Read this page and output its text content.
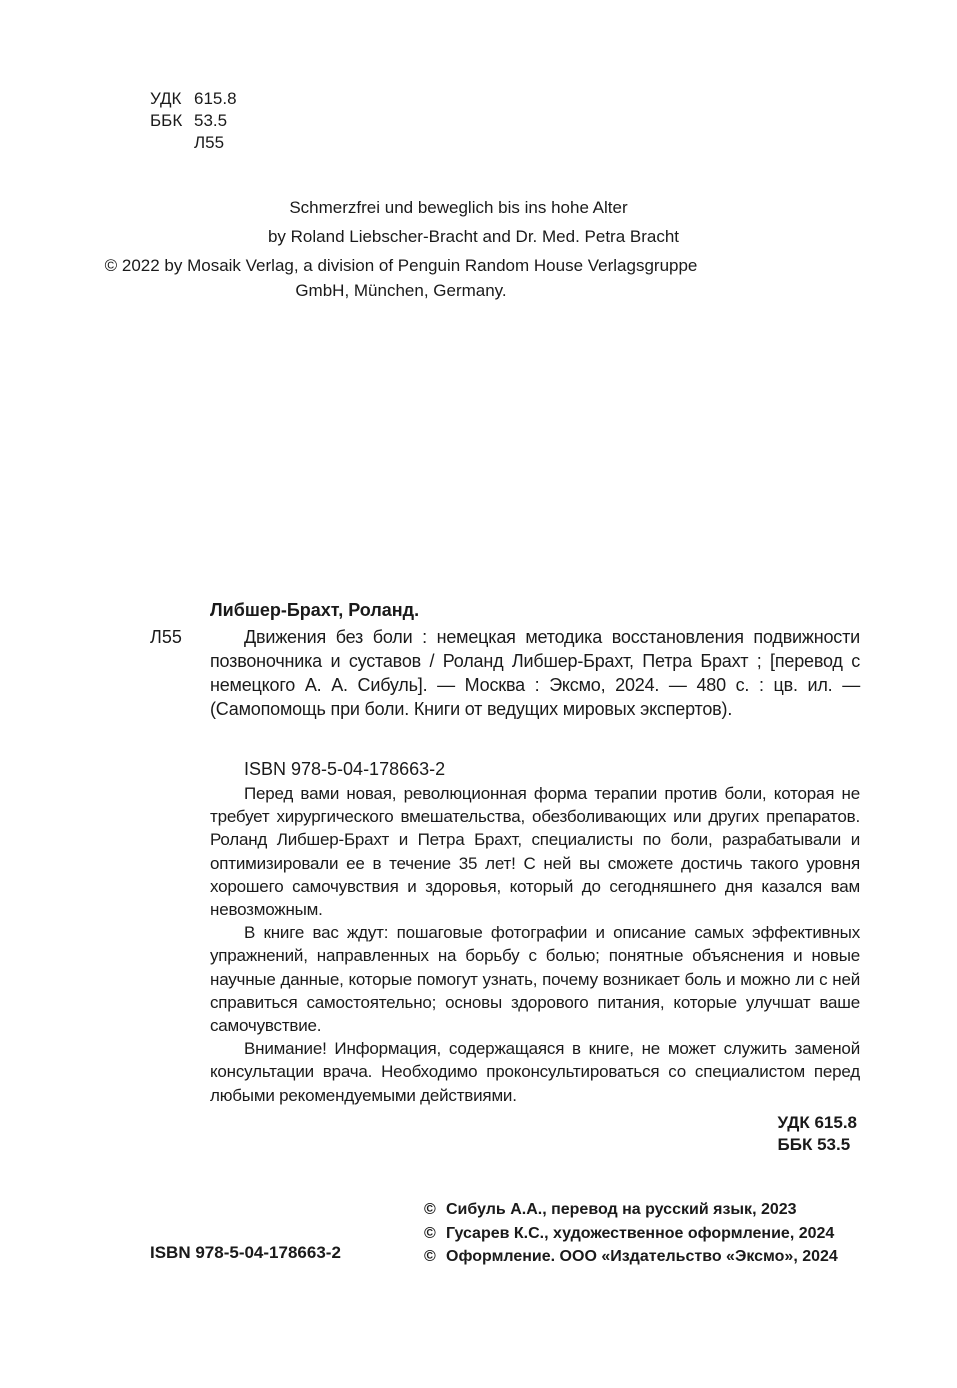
УДК 615.8
ББК 53.5
Л55
Schmerzfrei und beweglich bis ins hohe Alter
by Roland Liebscher-Bracht and Dr. Med. Petra Bracht
© 2022 by Mosaik Verlag, a division of Penguin Random House Verlagsgruppe
GmbH, München, Germany.
Либшер-Брахт, Роланд.
Л55	Движения без боли : немецкая методика восстановления подвижности позвоночника и суставов / Роланд Либшер-Брахт, Петра Брахт ; [перевод с немецкого А. А. Сибуль]. — Москва : Эксмо, 2024. — 480 с. : цв. ил. — (Самопомощь при боли. Книги от ведущих мировых экспертов).
ISBN 978-5-04-178663-2

Перед вами новая, революционная форма терапии против боли, которая не требует хирургического вмешательства, обезболивающих или других препаратов. Роланд Либшер-Брахт и Петра Брахт, специалисты по боли, разрабатывали и оптимизировали ее в течение 35 лет! С ней вы сможете достичь такого уровня хорошего самочувствия и здоровья, который до сегодняшнего дня казался вам невозможным.

В книге вас ждут: пошаговые фотографии и описание самых эффективных упражнений, направленных на борьбу с болью; понятные объяснения и новые научные данные, которые помогут узнать, почему возникает боль и можно ли с ней справиться самостоятельно; основы здорового питания, которые улучшат ваше самочувствие.

Внимание! Информация, содержащаяся в книге, не может служить заменой консультации врача. Необходимо проконсультироваться со специалистом перед любыми рекомендуемыми действиями.

УДК 615.8
ББК 53.5
ISBN 978-5-04-178663-2
© Сибуль А.А., перевод на русский язык, 2023
© Гусарев К.С., художественное оформление, 2024
© Оформление. ООО «Издательство «Эксмо», 2024
